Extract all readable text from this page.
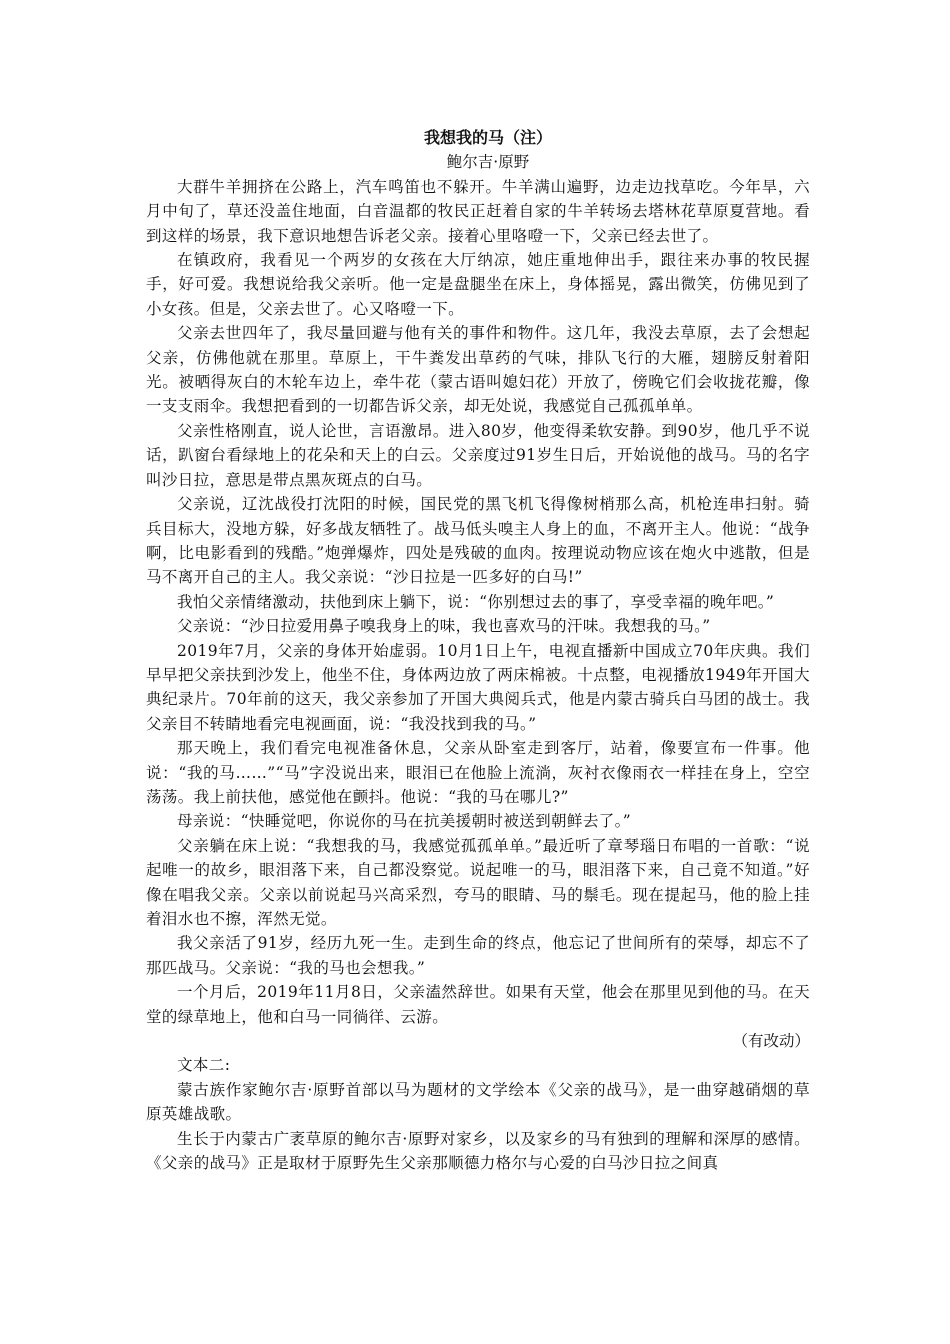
我想我的马（注）

鲍尔吉·原野

大群牛羊拥挤在公路上，汽车鸣笛也不躲开。牛羊满山遍野，边走边找草吃。今年旱，六月中旬了，草还没盖住地面，白音温都的牧民正赶着自家的牛羊转场去塔林花草原夏营地。看到这样的场景，我下意识地想告诉老父亲。接着心里咯噔一下，父亲已经去世了。

在镇政府，我看见一个两岁的女孩在大厅纳凉，她庄重地伸出手，跟往来办事的牧民握手，好可爱。我想说给我父亲听。他一定是盘腿坐在床上，身体摇晃，露出微笑，仿佛见到了小女孩。但是，父亲去世了。心又咯噔一下。

父亲去世四年了，我尽量回避与他有关的事件和物件。这几年，我没去草原，去了会想起父亲，仿佛他就在那里。草原上，干牛粪发出草药的气味，排队飞行的大雁，翅膀反射着阳光。被晒得灰白的木轮车边上，牵牛花（蒙古语叫媳妇花）开放了，傍晚它们会收拢花瓣，像一支支雨伞。我想把看到的一切都告诉父亲，却无处说，我感觉自己孤孤单单。

父亲性格刚直，说人论世，言语激昂。进入80岁，他变得柔软安静。到90岁，他几乎不说话，趴窗台看绿地上的花朵和天上的白云。父亲度过91岁生日后，开始说他的战马。马的名字叫沙日拉，意思是带点黑灰斑点的白马。

父亲说，辽沈战役打沈阳的时候，国民党的黑飞机飞得像树梢那么高，机枪连串扫射。骑兵目标大，没地方躲，好多战友牺牲了。战马低头嗅主人身上的血，不离开主人。他说：“战争啊，比电影看到的残酷。”炮弹爆炸，四处是残破的血肉。按理说动物应该在炮火中逃散，但是马不离开自己的主人。我父亲说：“沙日拉是一匹多好的白马!”

我怕父亲情绪激动，扶他到床上躺下，说：“你别想过去的事了，享受幸福的晚年吧。”

父亲说：“沙日拉爱用鼻子嗅我身上的味，我也喜欢马的汗味。我想我的马。”

2019年7月，父亲的身体开始虚弱。10月1日上午，电视直播新中国成立70年庆典。我们早早把父亲扶到沙发上，他坐不住，身体两边放了两床棉被。十点整，电视播放1949年开国大典纪录片。70年前的这天，我父亲参加了开国大典阅兵式，他是内蒙古骑兵白马团的战士。我父亲目不转睛地看完电视画面，说：“我没找到我的马。”

那天晚上，我们看完电视准备休息，父亲从卧室走到客厅，站着，像要宣布一件事。他说：“我的马……”“马”字没说出来，眼泪已在他脸上流淌，灰衬衣像雨衣一样挂在身上，空空荡荡。我上前扶他，感觉他在颤抖。他说：“我的马在哪儿?”

母亲说：“快睡觉吧，你说你的马在抗美援朝时被送到朝鲜去了。”

父亲躺在床上说：“我想我的马，我感觉孤孤单单。”最近听了章琴瑙日布唱的一首歌：“说起唯一的故乡，眼泪落下来，自己都没察觉。说起唯一的马，眼泪落下来，自己竟不知道。”好像在唱我父亲。父亲以前说起马兴高采烈，夸马的眼睛、马的鬃毛。现在提起马，他的脸上挂着泪水也不擦，浑然无觉。

我父亲活了91岁，经历九死一生。走到生命的终点，他忘记了世间所有的荣辱，却忘不了那匹战马。父亲说：“我的马也会想我。”

一个月后，2019年11月8日，父亲溘然辞世。如果有天堂，他会在那里见到他的马。在天堂的绿草地上，他和白马一同徜徉、云游。

（有改动）

文本二:

蒙古族作家鲍尔吉·原野首部以马为题材的文学绘本《父亲的战马》，是一曲穿越硝烟的草原英雄战歌。

生长于内蒙古广袤草原的鲍尔吉·原野对家乡，以及家乡的马有独到的理解和深厚的感情。《父亲的战马》正是取材于原野先生父亲那顺德力格尔与心爱的白马沙日拉之间真
